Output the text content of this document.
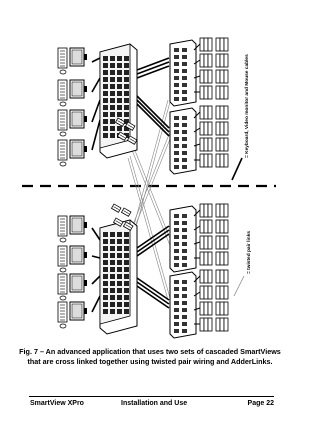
= Keyboard, Video monitor and Mouse cables
= twisted pair links
Fig. 7 – An advanced application that uses two sets of cascaded SmartViews
that are cross linked together using twisted pair wiring and AdderLinks.
SmartView XPro	Installation and Use	Page 22
